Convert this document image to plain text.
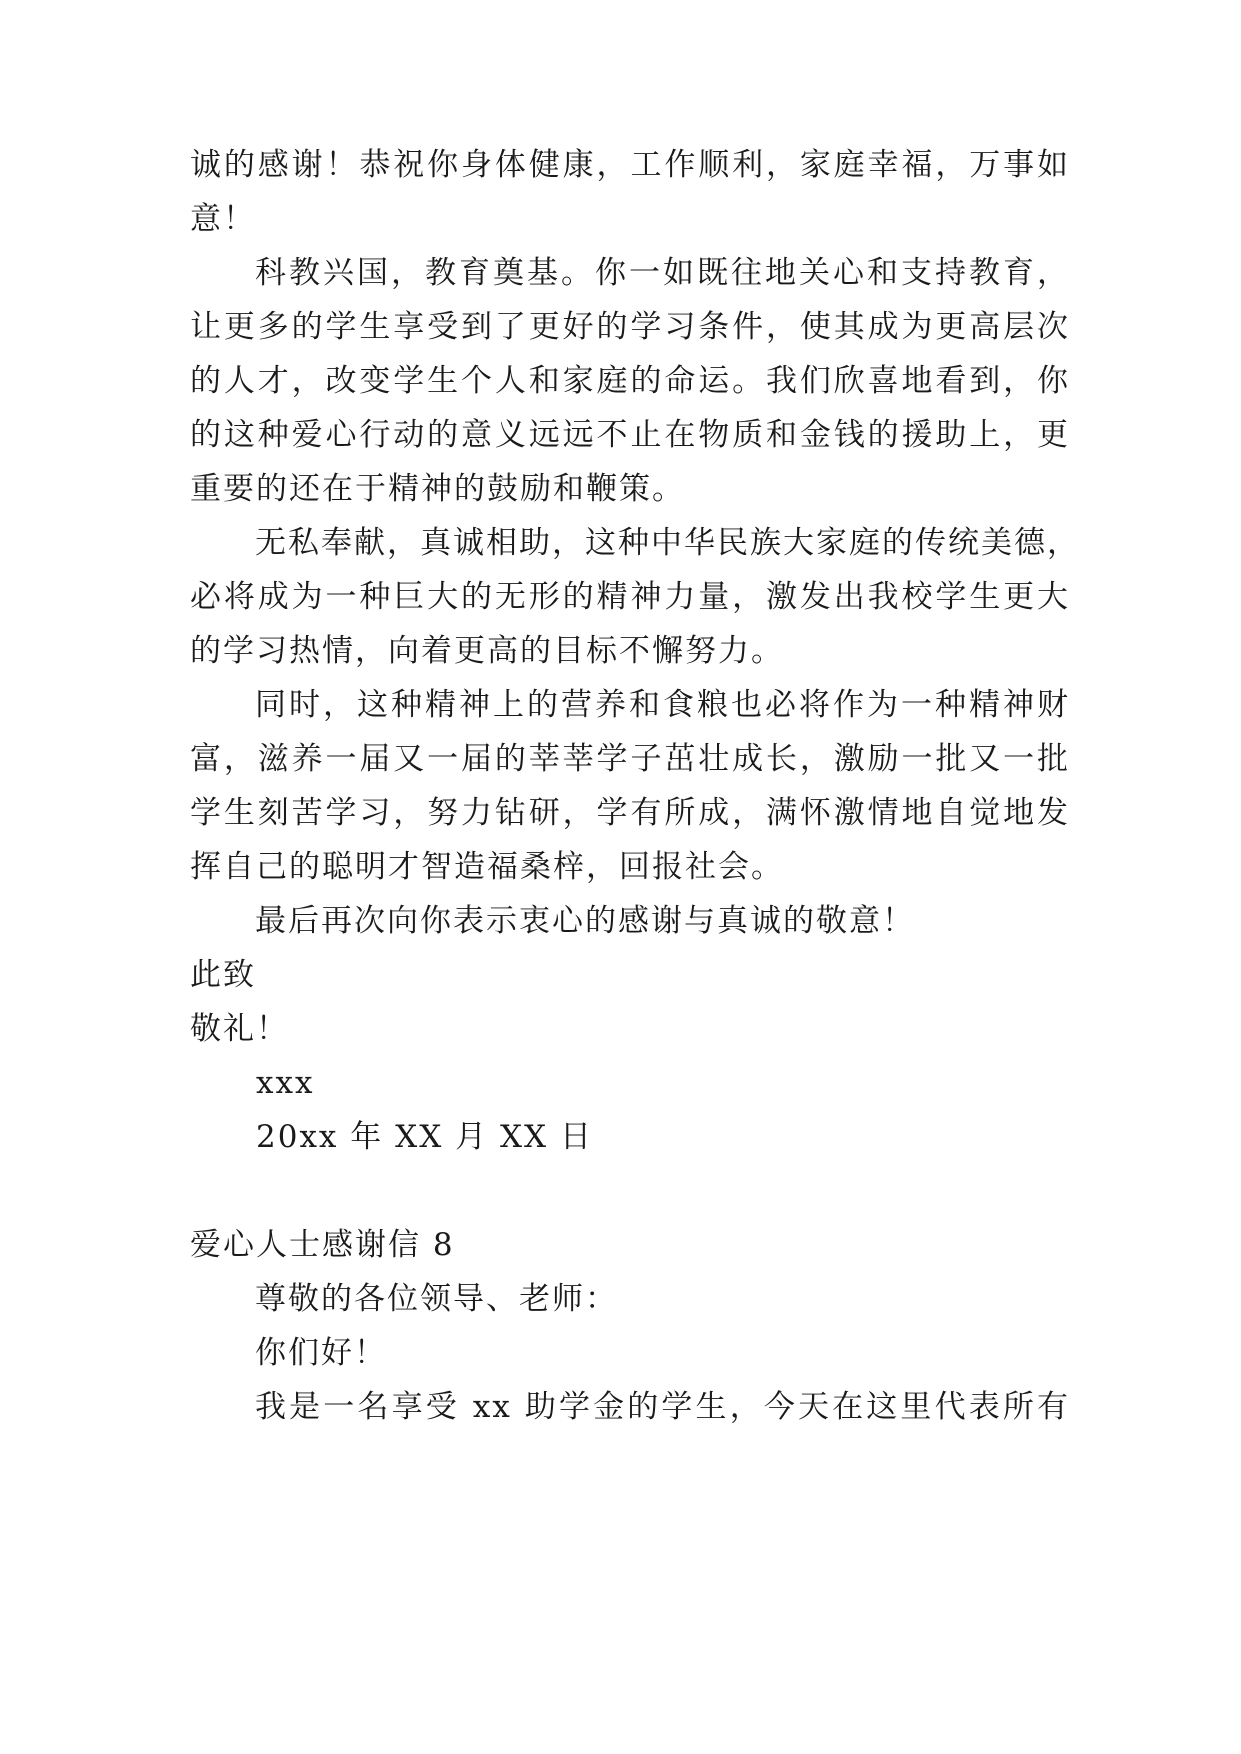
诚的感谢！恭祝你身体健康，工作顺利，家庭幸福，万事如
意！
科教兴国，教育奠基。你一如既往地关心和支持教育，
让更多的学生享受到了更好的学习条件，使其成为更高层次
的人才，改变学生个人和家庭的命运。我们欣喜地看到，你
的这种爱心行动的意义远远不止在物质和金钱的援助上，更
重要的还在于精神的鼓励和鞭策。
无私奉献，真诚相助，这种中华民族大家庭的传统美德，
必将成为一种巨大的无形的精神力量，激发出我校学生更大
的学习热情，向着更高的目标不懈努力。
同时，这种精神上的营养和食粮也必将作为一种精神财
富，滋养一届又一届的莘莘学子茁壮成长，激励一批又一批
学生刻苦学习，努力钻研，学有所成，满怀激情地自觉地发
挥自己的聪明才智造福桑梓，回报社会。
最后再次向你表示衷心的感谢与真诚的敬意！
此致
敬礼！
xxx
20xx 年 XX 月 XX 日
爱心人士感谢信 8
尊敬的各位领导、老师：
你们好！
我是一名享受 xx 助学金的学生，今天在这里代表所有
